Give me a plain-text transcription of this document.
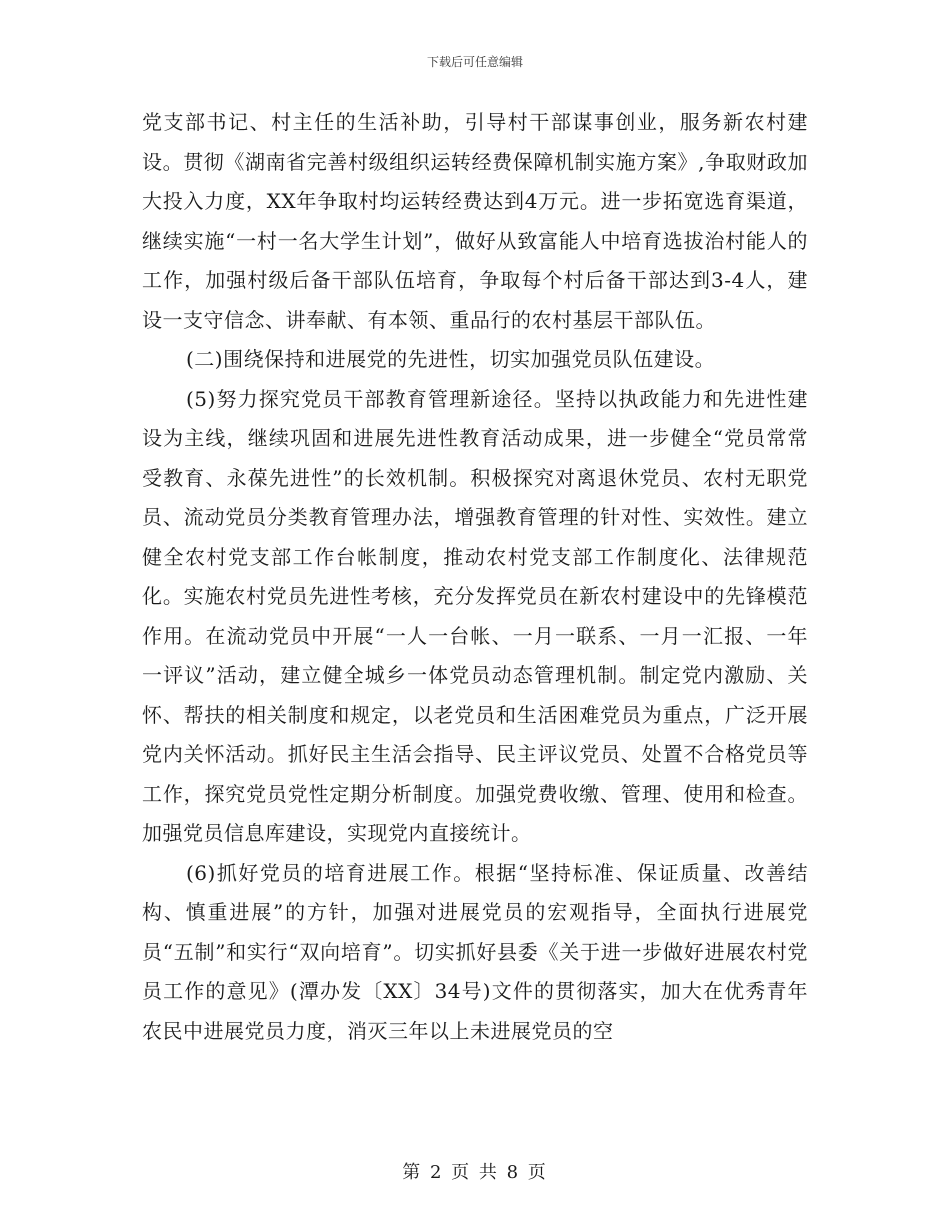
下载后可任意编辑

党支部书记、村主任的生活补助，引导村干部谋事创业，服务新农村建设。贯彻《湖南省完善村级组织运转经费保障机制实施方案》,争取财政加大投入力度，XX年争取村均运转经费达到4万元。进一步拓宽选育渠道，继续实施“一村一名大学生计划”，做好从致富能人中培育选拔治村能人的工作，加强村级后备干部队伍培育，争取每个村后备干部达到3-4人，建设一支守信念、讲奉献、有本领、重品行的农村基层干部队伍。

(二)围绕保持和进展党的先进性，切实加强党员队伍建设。

(5)努力探究党员干部教育管理新途径。坚持以执政能力和先进性建设为主线，继续巩固和进展先进性教育活动成果，进一步健全“党员常常受教育、永葆先进性”的长效机制。积极探究对离退休党员、农村无职党员、流动党员分类教育管理办法，增强教育管理的针对性、实效性。建立健全农村党支部工作台帐制度，推动农村党支部工作制度化、法律规范化。实施农村党员先进性考核，充分发挥党员在新农村建设中的先锋模范作用。在流动党员中开展“一人一台帐、一月一联系、一月一汇报、一年一评议”活动，建立健全城乡一体党员动态管理机制。制定党内激励、关怀、帮扶的相关制度和规定，以老党员和生活困难党员为重点，广泛开展党内关怀活动。抓好民主生活会指导、民主评议党员、处置不合格党员等工作，探究党员党性定期分析制度。加强党费收缴、管理、使用和检查。加强党员信息库建设，实现党内直接统计。

(6)抓好党员的培育进展工作。根据“坚持标准、保证质量、改善结构、慎重进展”的方针，加强对进展党员的宏观指导，全面执行进展党员“五制”和实行“双向培育”。切实抓好县委《关于进一步做好进展农村党员工作的意见》(潭办发〔XX〕34号)文件的贯彻落实，加大在优秀青年农民中进展党员力度，消灭三年以上未进展党员的空

第 2 页 共 8 页
